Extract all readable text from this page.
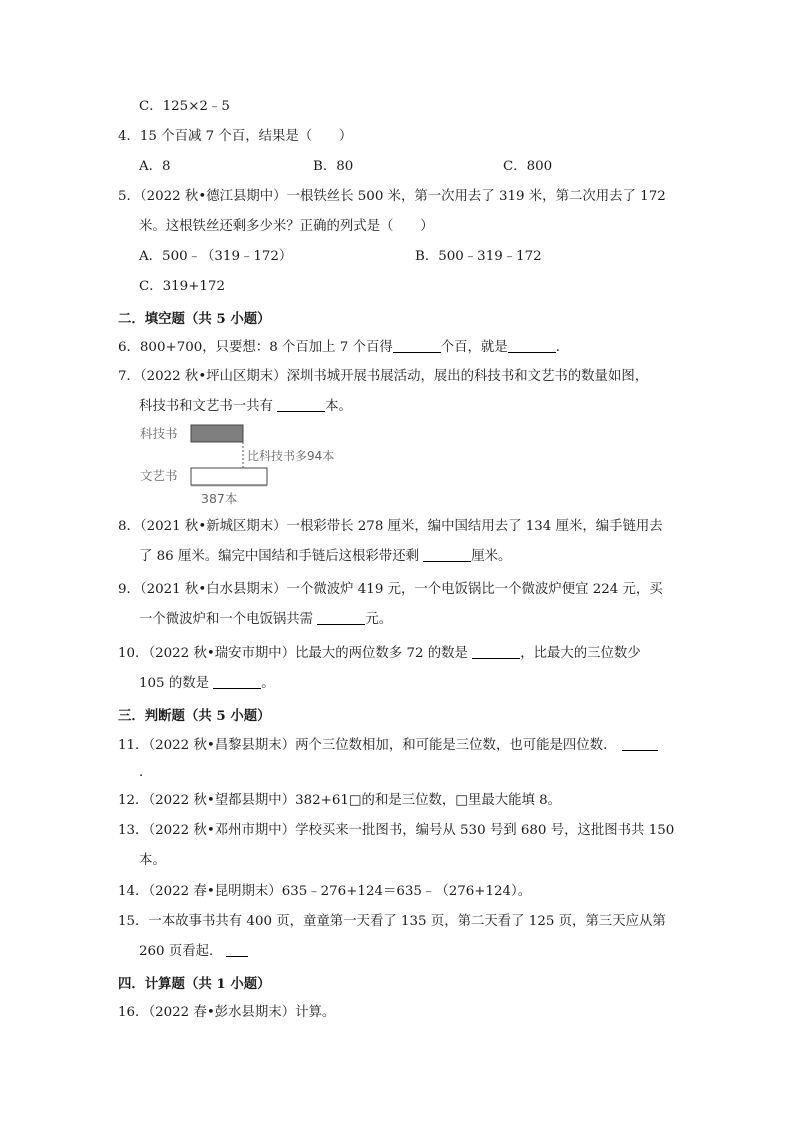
C．125×2﹣5
4．15 个百减 7 个百，结果是（　　）
A．8	B．80	C．800
5．（2022 秋•德江县期中）一根铁丝长 500 米，第一次用去了 319 米，第二次用去了 172
米。这根铁丝还剩多少米？正确的列式是（　　）
A．500﹣（319﹣172）	B．500﹣319﹣172
C．319+172
二．填空题（共 5 小题）
6．800+700，只要想：8 个百加上 7 个百得	个百，就是	．
7．（2022 秋•坪山区期末）深圳书城开展书展活动，展出的科技书和文艺书的数量如图，
科技书和文艺书一共有	本。
科技书
文艺书
比科技书多94本
387本
8．（2021 秋•新城区期末）一根彩带长 278 厘米，编中国结用去了 134 厘米，编手链用去
了 86 厘米。编完中国结和手链后这根彩带还剩	厘米。
9．（2021 秋•白水县期末）一个微波炉 419 元，一个电饭锅比一个微波炉便宜 224 元，买
一个微波炉和一个电饭锅共需	元。
10．（2022 秋•瑞安市期中）比最大的两位数多 72 的数是	，比最大的三位数少
105 的数是	。
三．判断题（共 5 小题）
11．（2022 秋•昌黎县期末）两个三位数相加，和可能是三位数，也可能是四位数．
．
12．（2022 秋•望都县期中）382+61□的和是三位数，□里最大能填 8。
13．（2022 秋•邓州市期中）学校买来一批图书，编号从 530 号到 680 号，这批图书共 150
本。
14．（2022 春•昆明期末）635﹣276+124＝635﹣（276+124）。
15．一本故事书共有 400 页，童童第一天看了 135 页，第二天看了 125 页，第三天应从第
260 页看起．
四．计算题（共 1 小题）
16．（2022 春•彭水县期末）计算。
